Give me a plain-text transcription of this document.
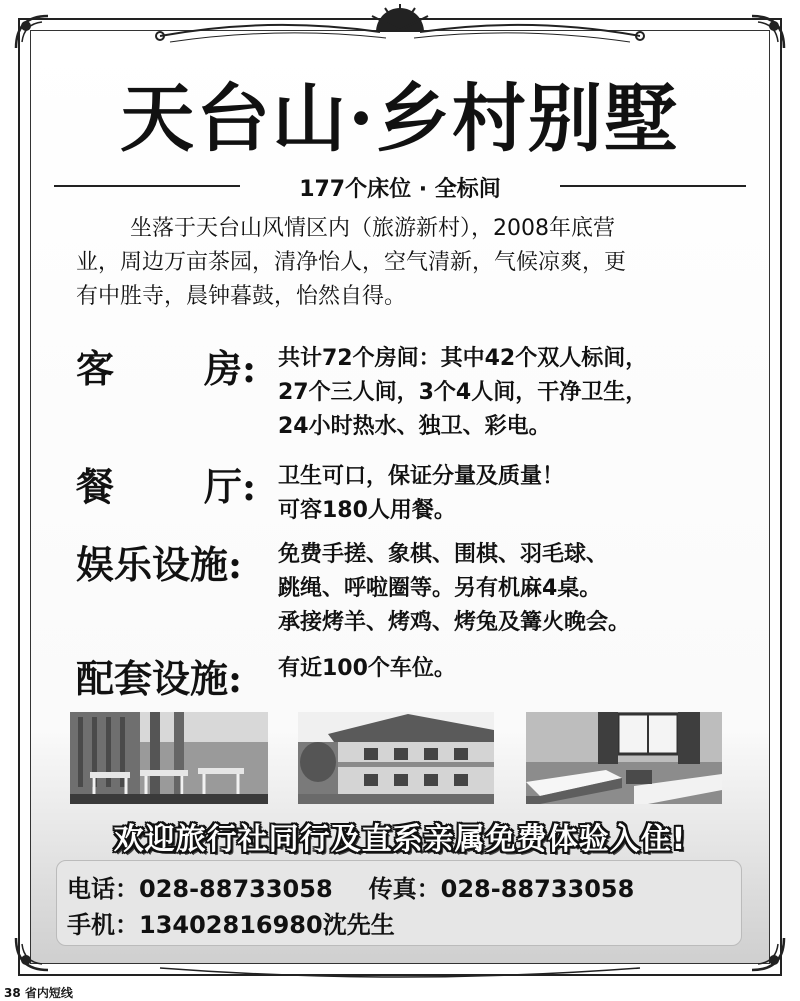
天台山·乡村别墅
177个床位 · 全标间
坐落于天台山风情区内（旅游新村），2008年底营
业，周边万亩茶园，清净怡人，空气清新，气候凉爽，更
有中胜寺，晨钟暮鼓，怡然自得。
客 房: 共计72个房间：其中42个双人标间，
27个三人间，3个4人间，干净卫生，
24小时热水、独卫、彩电。
餐 厅: 卫生可口，保证分量及质量！
可容180人用餐。
娱乐设施: 免费手搓、象棋、围棋、羽毛球、
跳绳、呼啦圈等。另有机麻4桌。
承接烤羊、烤鸡、烤兔及篝火晚会。
配套设施: 有近100个车位。
欢迎旅行社同行及直系亲属免费体验入住!
电话：028-88733058 传真：028-88733058
手机：13402816980沈先生
38 省内短线
